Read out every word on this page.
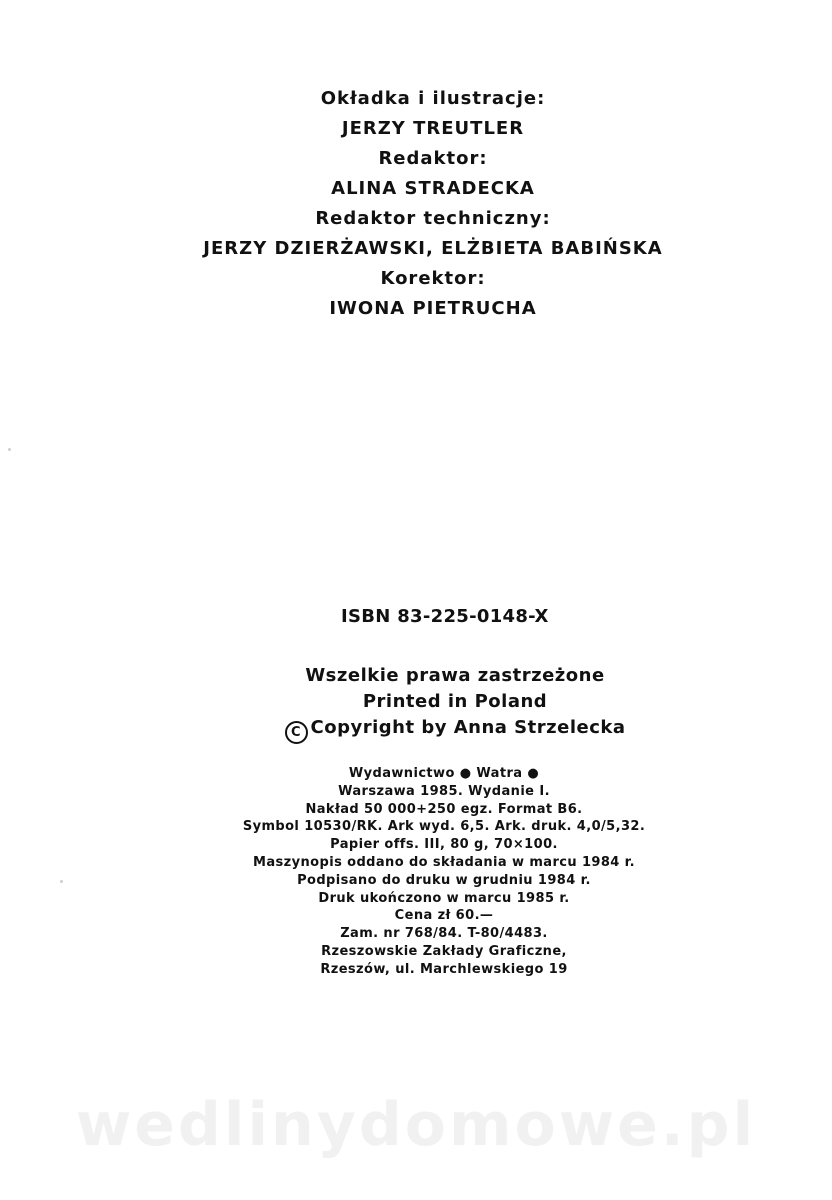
Okładka i ilustracje:
JERZY TREUTLER
Redaktor:
ALINA STRADECKA
Redaktor techniczny:
JERZY DZIERŻAWSKI, ELŻBIETA BABIŃSKA
Korektor:
IWONA PIETRUCHA
ISBN 83-225-0148-X
Wszelkie prawa zastrzeżone
Printed in Poland
C Copyright by Anna Strzelecka
Wydawnictwo ● Watra ●
Warszawa 1985. Wydanie I.
Nakład 50 000+250 egz. Format B6.
Symbol 10530/RK. Ark wyd. 6,5. Ark. druk. 4,0/5,32.
Papier offs. III, 80 g, 70×100.
Maszynopis oddano do składania w marcu 1984 r.
Podpisano do druku w grudniu 1984 r.
Druk ukończono w marcu 1985 r.
Cena zł 60.—
Zam. nr 768/84. T-80/4483.
Rzeszowskie Zakłady Graficzne,
Rzeszów, ul. Marchlewskiego 19
wedlinydomowe.pl
